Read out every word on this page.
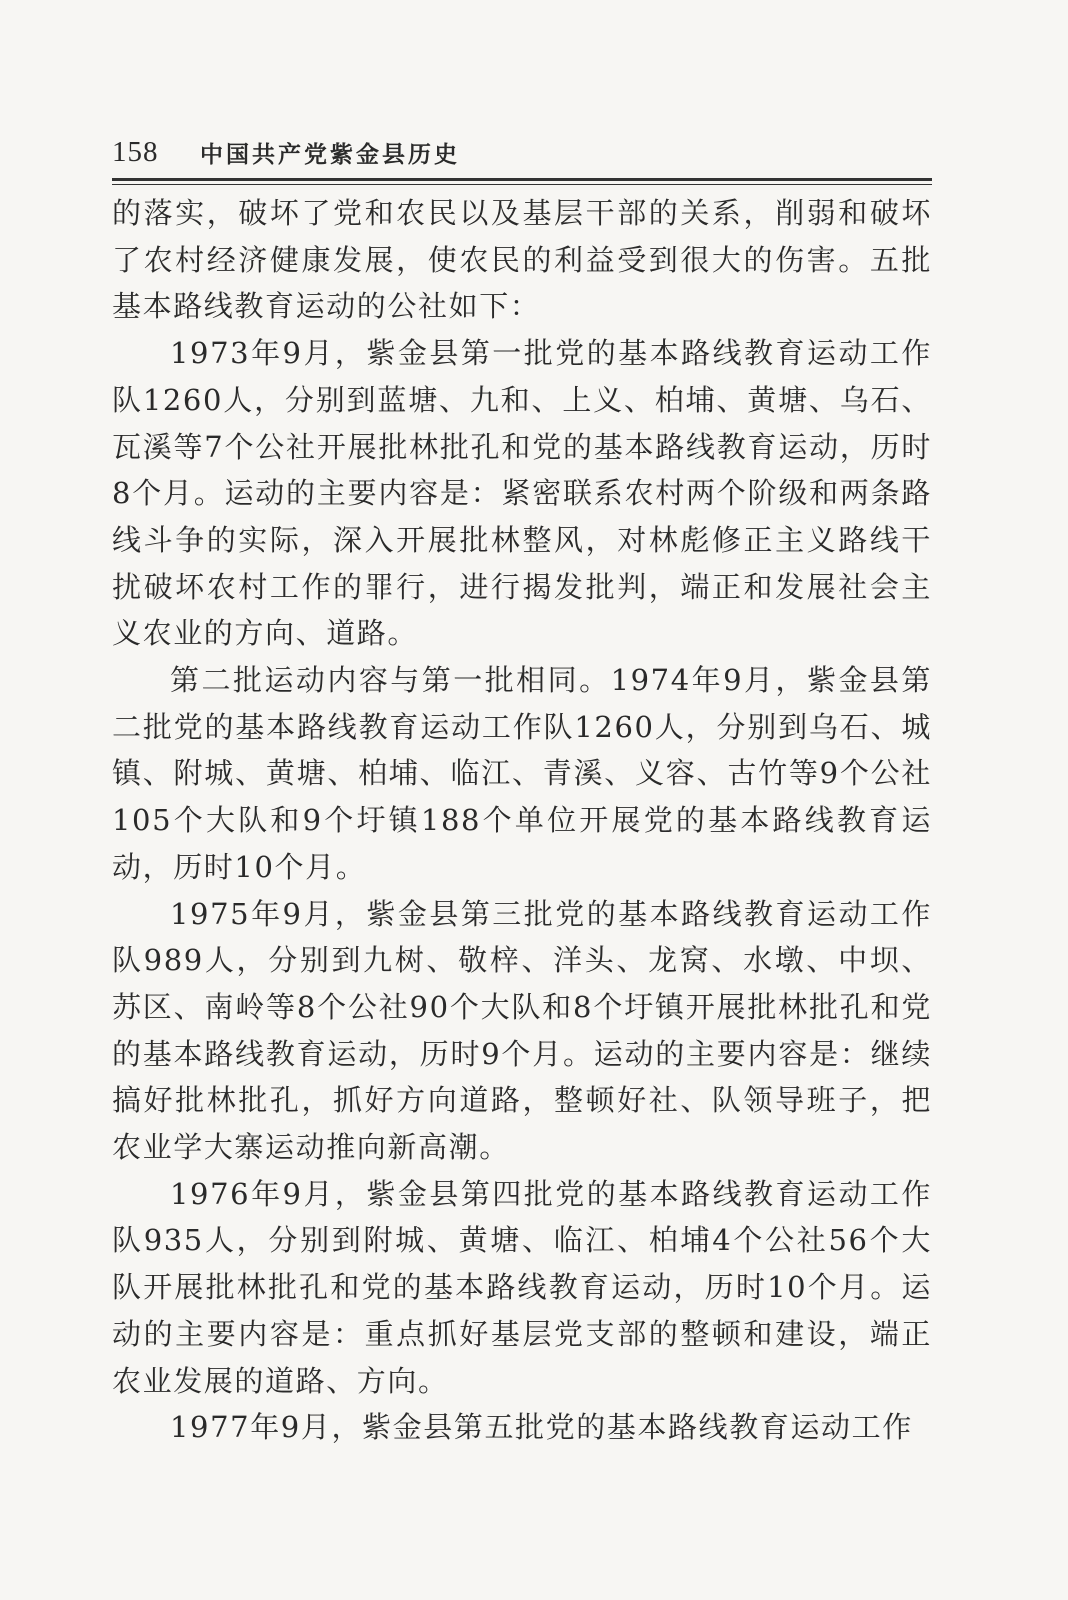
158 中国共产党紫金县历史

的落实，破坏了党和农民以及基层干部的关系，削弱和破坏了农村经济健康发展，使农民的利益受到很大的伤害。五批基本路线教育运动的公社如下：

1973年9月，紫金县第一批党的基本路线教育运动工作队1260人，分别到蓝塘、九和、上义、柏埔、黄塘、乌石、瓦溪等7个公社开展批林批孔和党的基本路线教育运动，历时8个月。运动的主要内容是：紧密联系农村两个阶级和两条路线斗争的实际，深入开展批林整风，对林彪修正主义路线干扰破坏农村工作的罪行，进行揭发批判，端正和发展社会主义农业的方向、道路。

第二批运动内容与第一批相同。1974年9月，紫金县第二批党的基本路线教育运动工作队1260人，分别到乌石、城镇、附城、黄塘、柏埔、临江、青溪、义容、古竹等9个公社105个大队和9个圩镇188个单位开展党的基本路线教育运动，历时10个月。

1975年9月，紫金县第三批党的基本路线教育运动工作队989人，分别到九树、敬梓、洋头、龙窝、水墩、中坝、苏区、南岭等8个公社90个大队和8个圩镇开展批林批孔和党的基本路线教育运动，历时9个月。运动的主要内容是：继续搞好批林批孔，抓好方向道路，整顿好社、队领导班子，把农业学大寨运动推向新高潮。

1976年9月，紫金县第四批党的基本路线教育运动工作队935人，分别到附城、黄塘、临江、柏埔4个公社56个大队开展批林批孔和党的基本路线教育运动，历时10个月。运动的主要内容是：重点抓好基层党支部的整顿和建设，端正农业发展的道路、方向。

1977年9月，紫金县第五批党的基本路线教育运动工作
